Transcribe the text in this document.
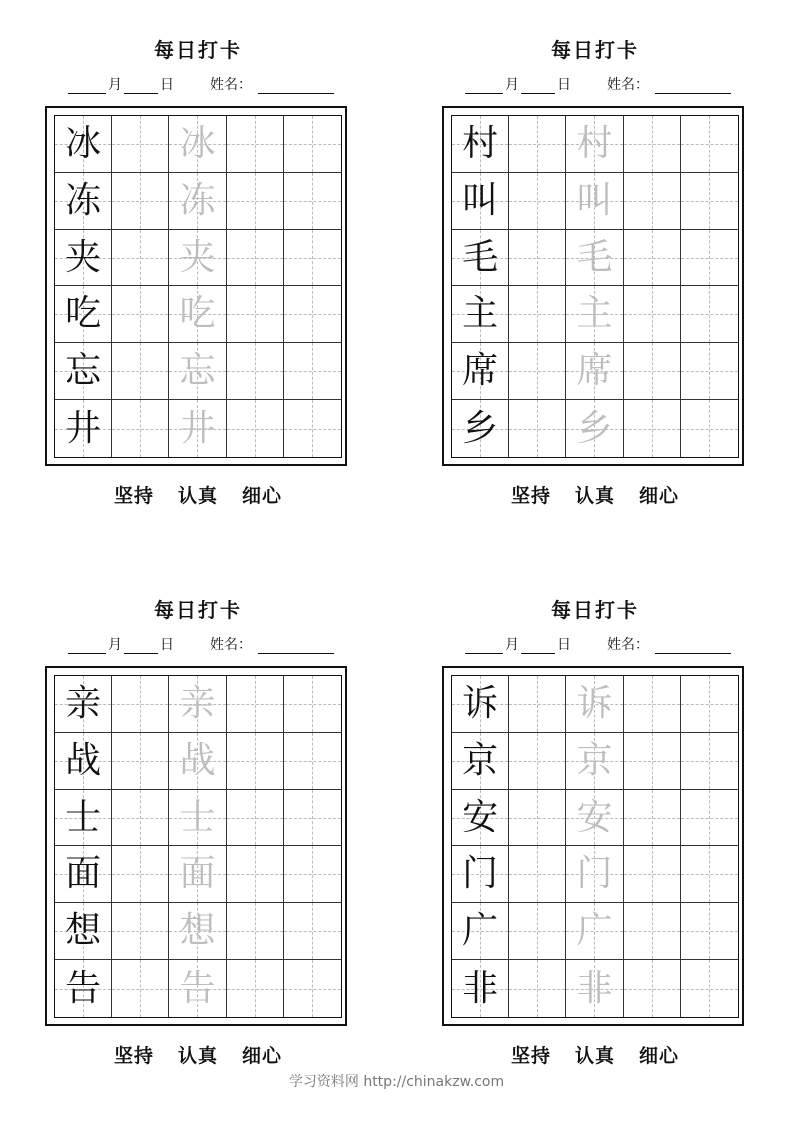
每日打卡
月	日	姓名：
冰 冰
冻 冻
夹 夹
吃 吃
忘 忘
井 井
坚持 认真 细心
每日打卡
月	日	姓名：
村 村
叫 叫
毛 毛
主 主
席 席
乡 乡
坚持 认真 细心
每日打卡
月	日	姓名：
亲 亲
战 战
士 士
面 面
想 想
告 告
坚持 认真 细心
每日打卡
月	日	姓名：
诉 诉
京 京
安 安
门 门
广 广
非 非
坚持 认真 细心
学习资料网 http://chinakzw.com
